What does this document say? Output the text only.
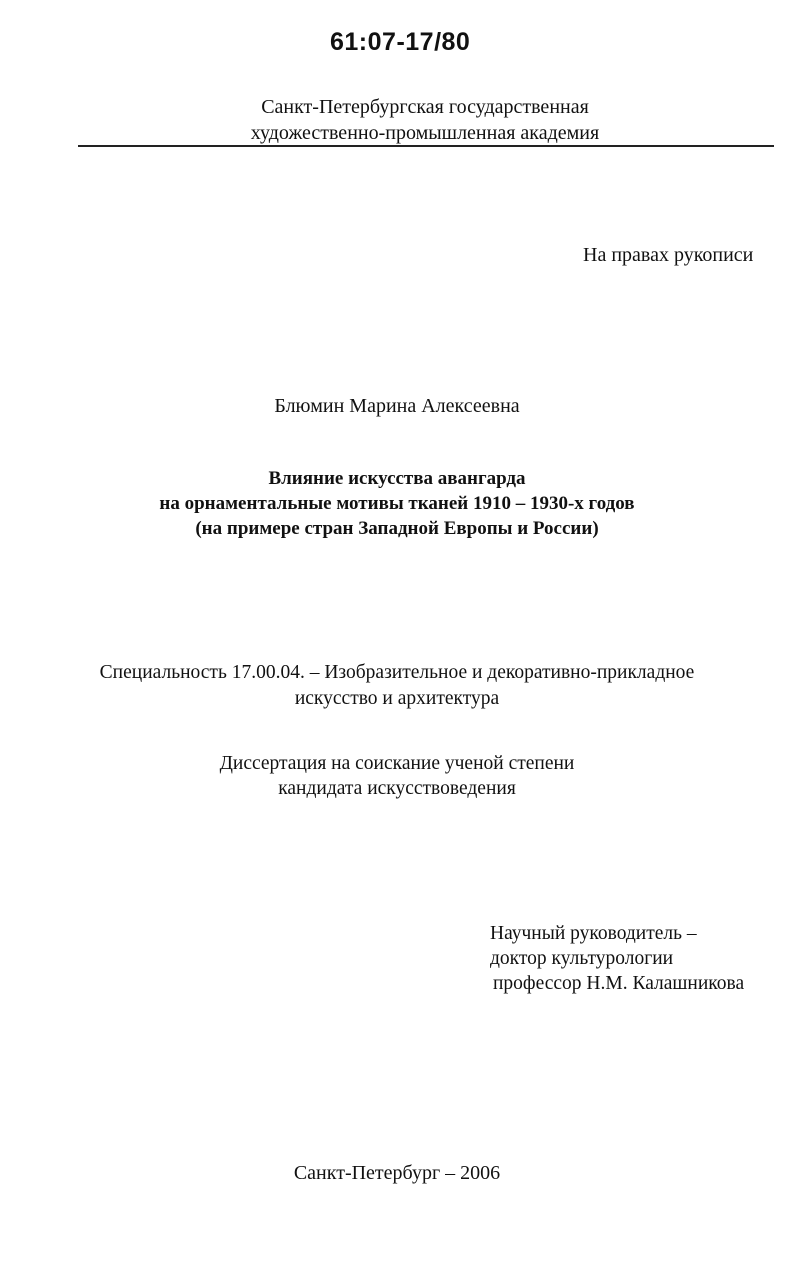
61:07-17/80
Санкт-Петербургская государственная
художественно-промышленная академия
На правах рукописи
Блюмин Марина Алексеевна
Влияние искусства авангарда
на орнаментальные мотивы тканей 1910 – 1930-х годов
(на примере стран Западной Европы и России)
Специальность 17.00.04. – Изобразительное и декоративно-прикладное
искусство и архитектура
Диссертация на соискание ученой степени
кандидата искусствоведения
Научный руководитель –
доктор культурологии
профессор Н.М. Калашникова
Санкт-Петербург – 2006
